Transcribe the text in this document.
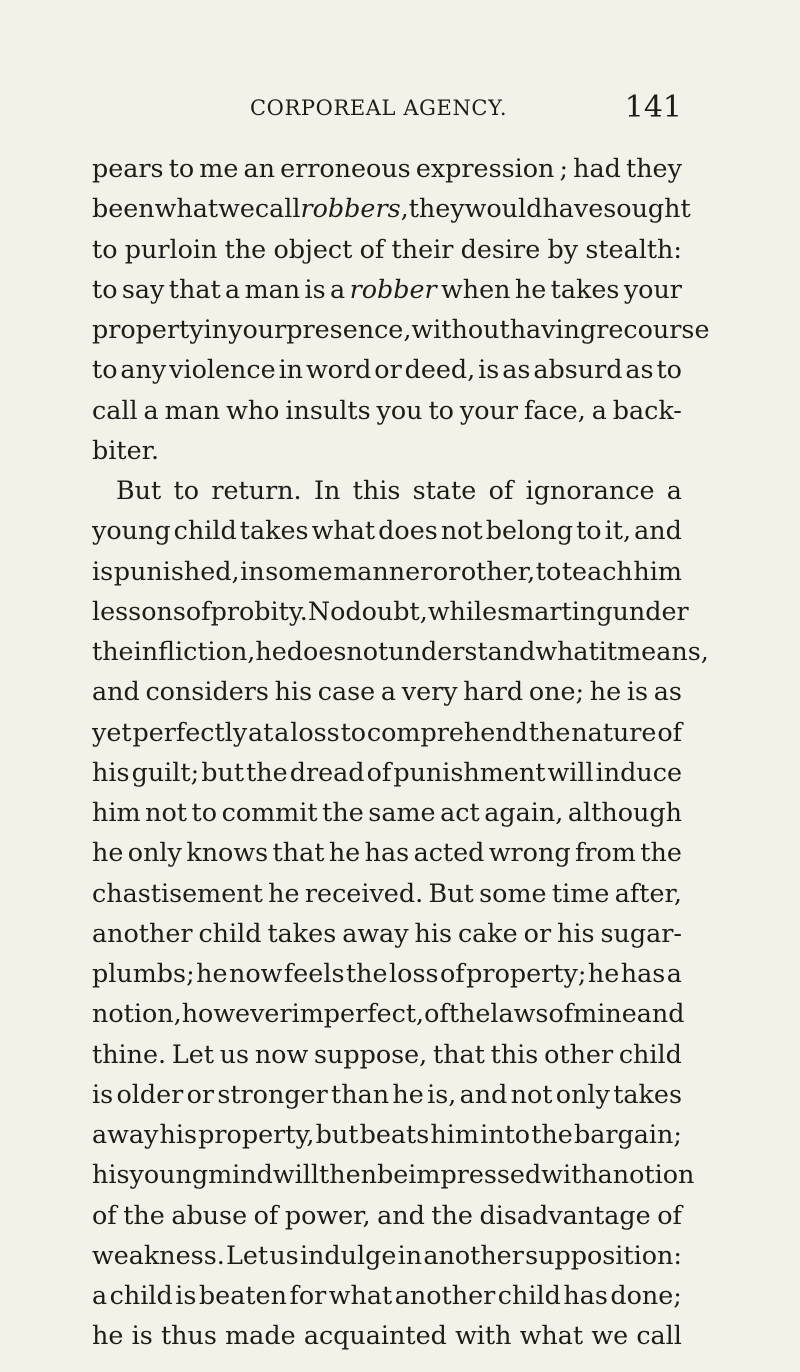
CORPOREAL AGENCY.	141
pears to me an erroneous expression ; had they
been what we call robbers, they would have sought
to purloin the object of their desire by stealth:
to say that a man is a robber when he takes your
property in your presence, without having recourse
to any violence in word or deed, is as absurd as to
call a man who insults you to your face, a back-
biter.
But to return. In this state of ignorance a
young child takes what does not belong to it, and
is punished, in some manner or other, to teach him
lessons of probity. No doubt, while smarting under
the infliction, he does not understand what it means,
and considers his case a very hard one; he is as
yet perfectly at a loss to comprehend the nature of
his guilt; but the dread of punishment will induce
him not to commit the same act again, although
he only knows that he has acted wrong from the
chastisement he received. But some time after,
another child takes away his cake or his sugar-
plumbs; he now feels the loss of property; he has a
notion, however imperfect, of the laws of mine and
thine. Let us now suppose, that this other child
is older or stronger than he is, and not only takes
away his property, but beats him into the bargain;
his young mind will then be impressed with a notion
of the abuse of power, and the disadvantage of
weakness. Let us indulge in another supposition:
a child is beaten for what another child has done;
he is thus made acquainted with what we call
